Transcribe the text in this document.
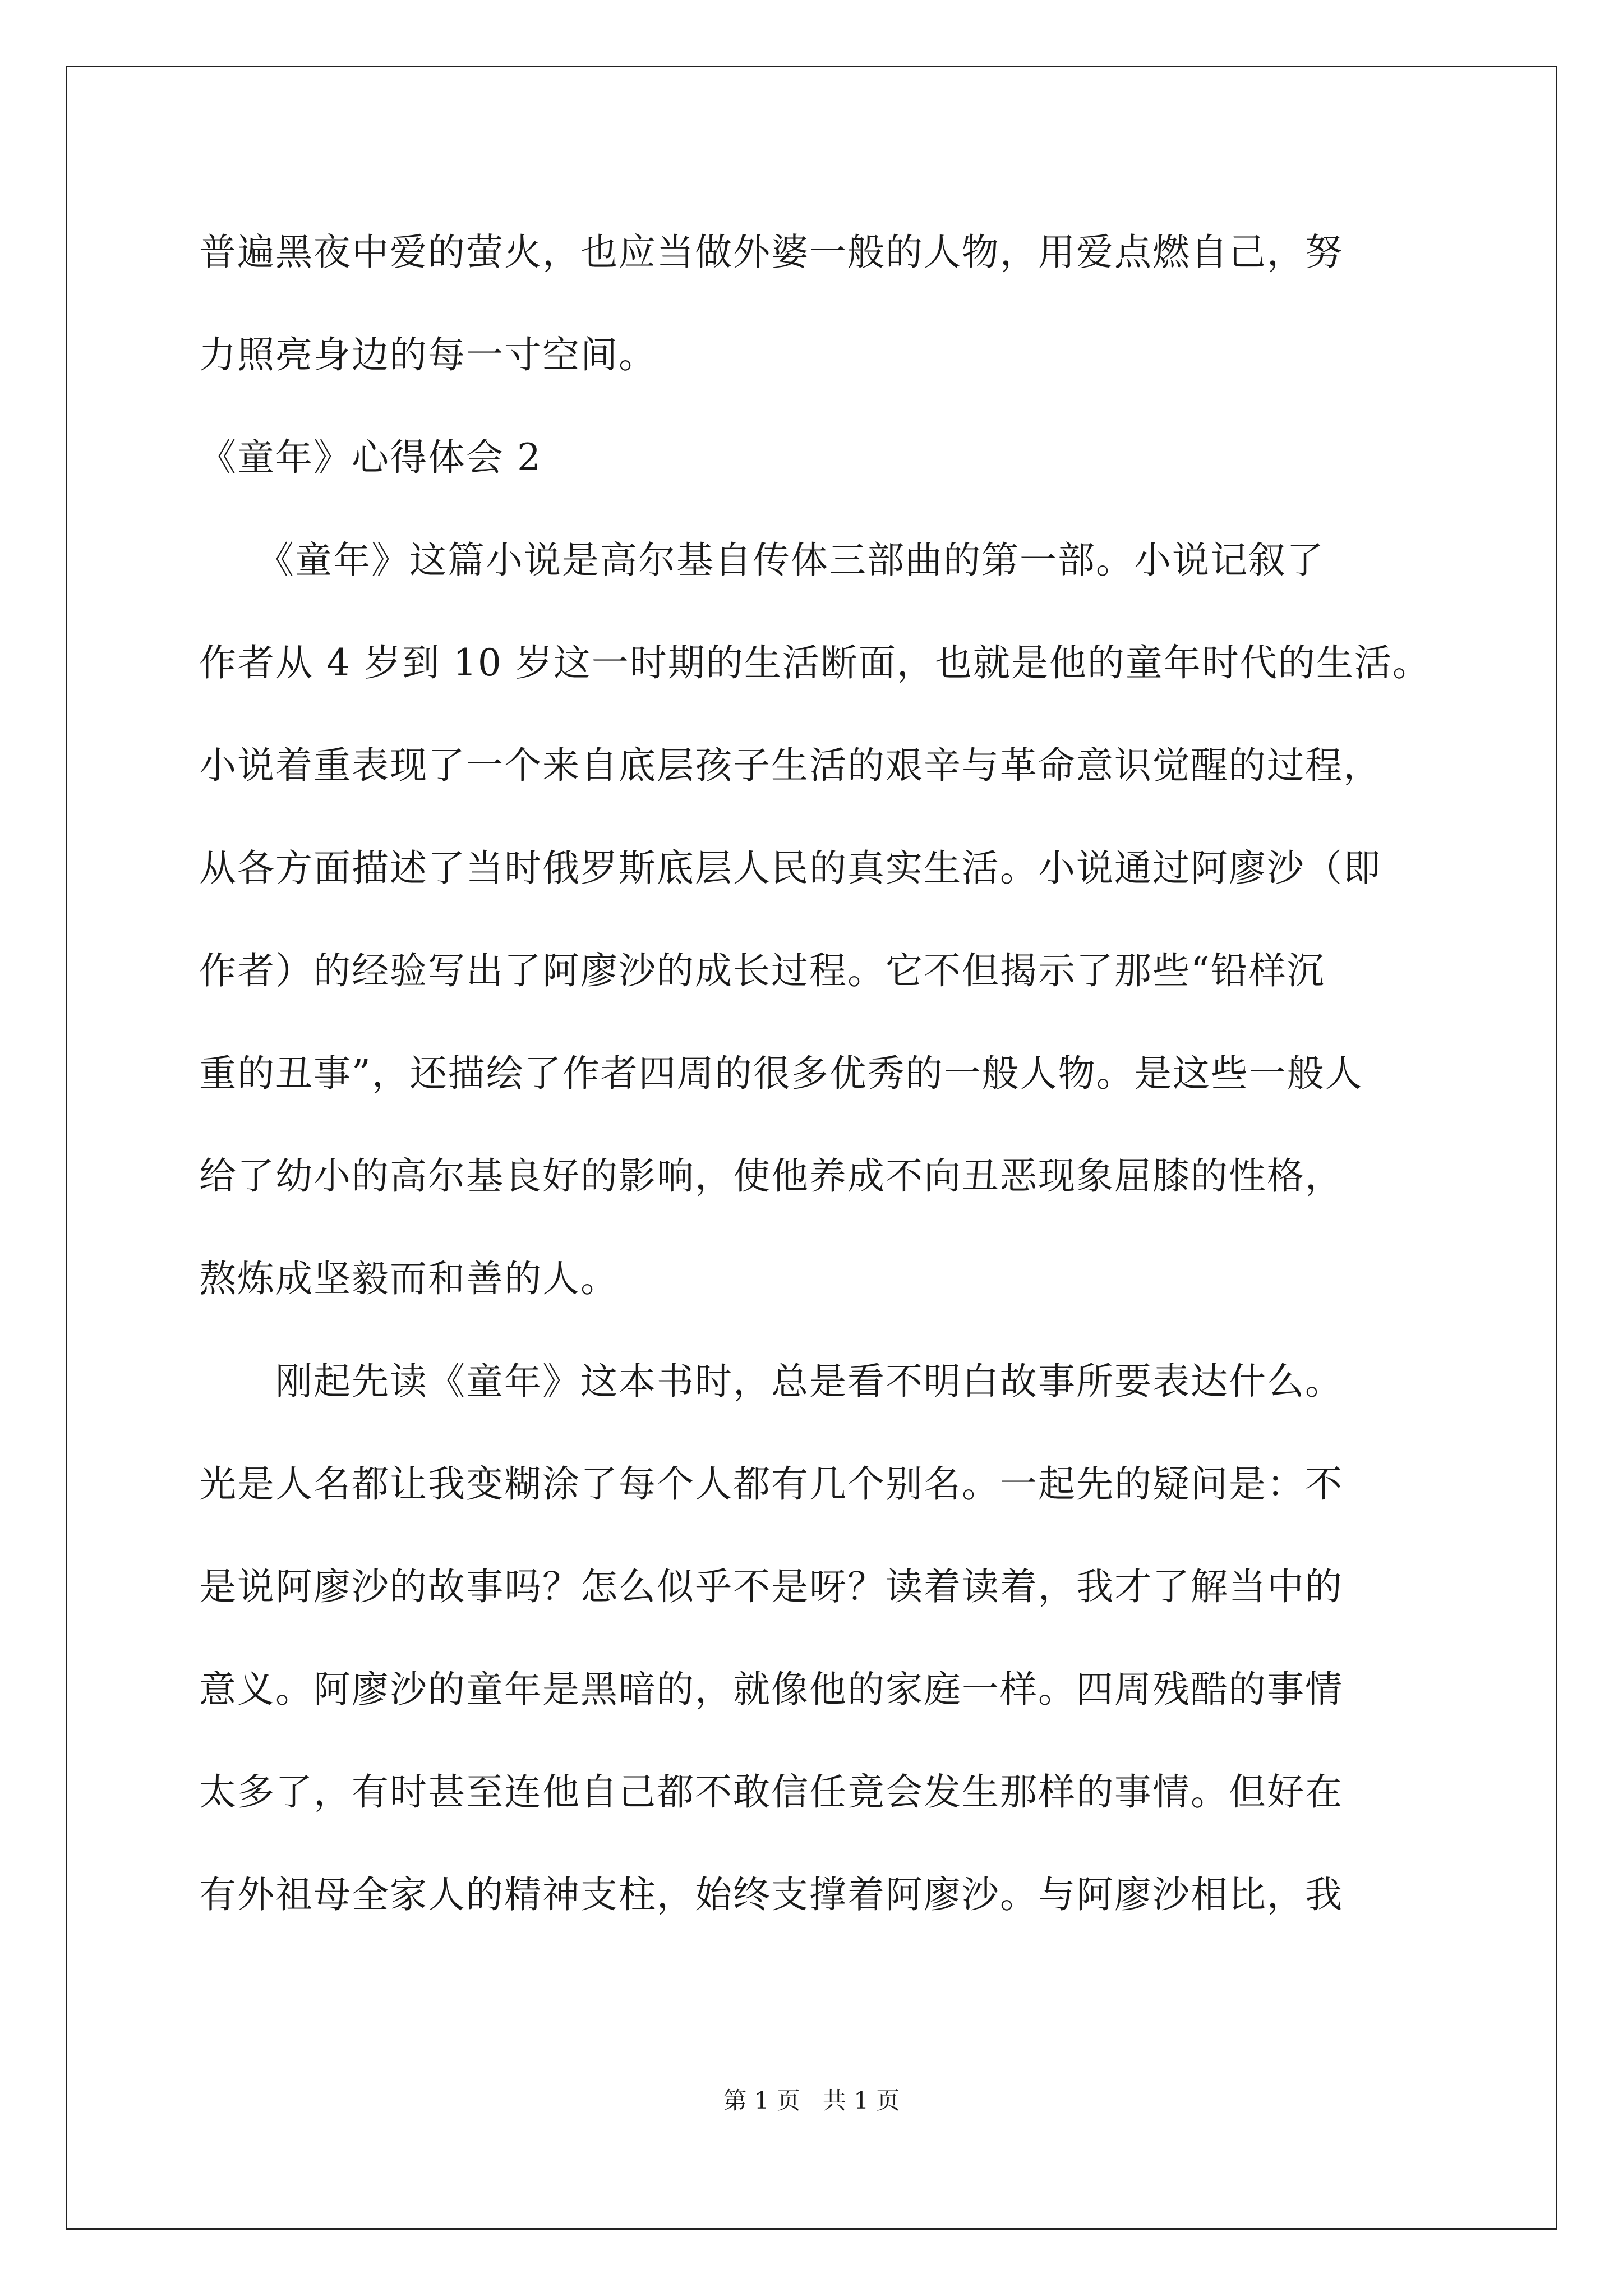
普遍黑夜中爱的萤火，也应当做外婆一般的人物，用爱点燃自己，努
力照亮身边的每一寸空间。
《童年》心得体会 2
　　《童年》这篇小说是高尔基自传体三部曲的第一部。小说记叙了
作者从 4 岁到 10 岁这一时期的生活断面，也就是他的童年时代的生活。
小说着重表现了一个来自底层孩子生活的艰辛与革命意识觉醒的过程，
从各方面描述了当时俄罗斯底层人民的真实生活。小说通过阿廖沙（即
作者）的经验写出了阿廖沙的成长过程。它不但揭示了那些“铅样沉
重的丑事”，还描绘了作者四周的很多优秀的一般人物。是这些一般人
给了幼小的高尔基良好的影响，使他养成不向丑恶现象屈膝的性格，
熬炼成坚毅而和善的人。
　　刚起先读《童年》这本书时，总是看不明白故事所要表达什么。
光是人名都让我变糊涂了每个人都有几个别名。一起先的疑问是：不
是说阿廖沙的故事吗？怎么似乎不是呀？读着读着，我才了解当中的
意义。阿廖沙的童年是黑暗的，就像他的家庭一样。四周残酷的事情
太多了，有时甚至连他自己都不敢信任竟会发生那样的事情。但好在
有外祖母全家人的精神支柱，始终支撑着阿廖沙。与阿廖沙相比，我
第 1 页 共 1 页
